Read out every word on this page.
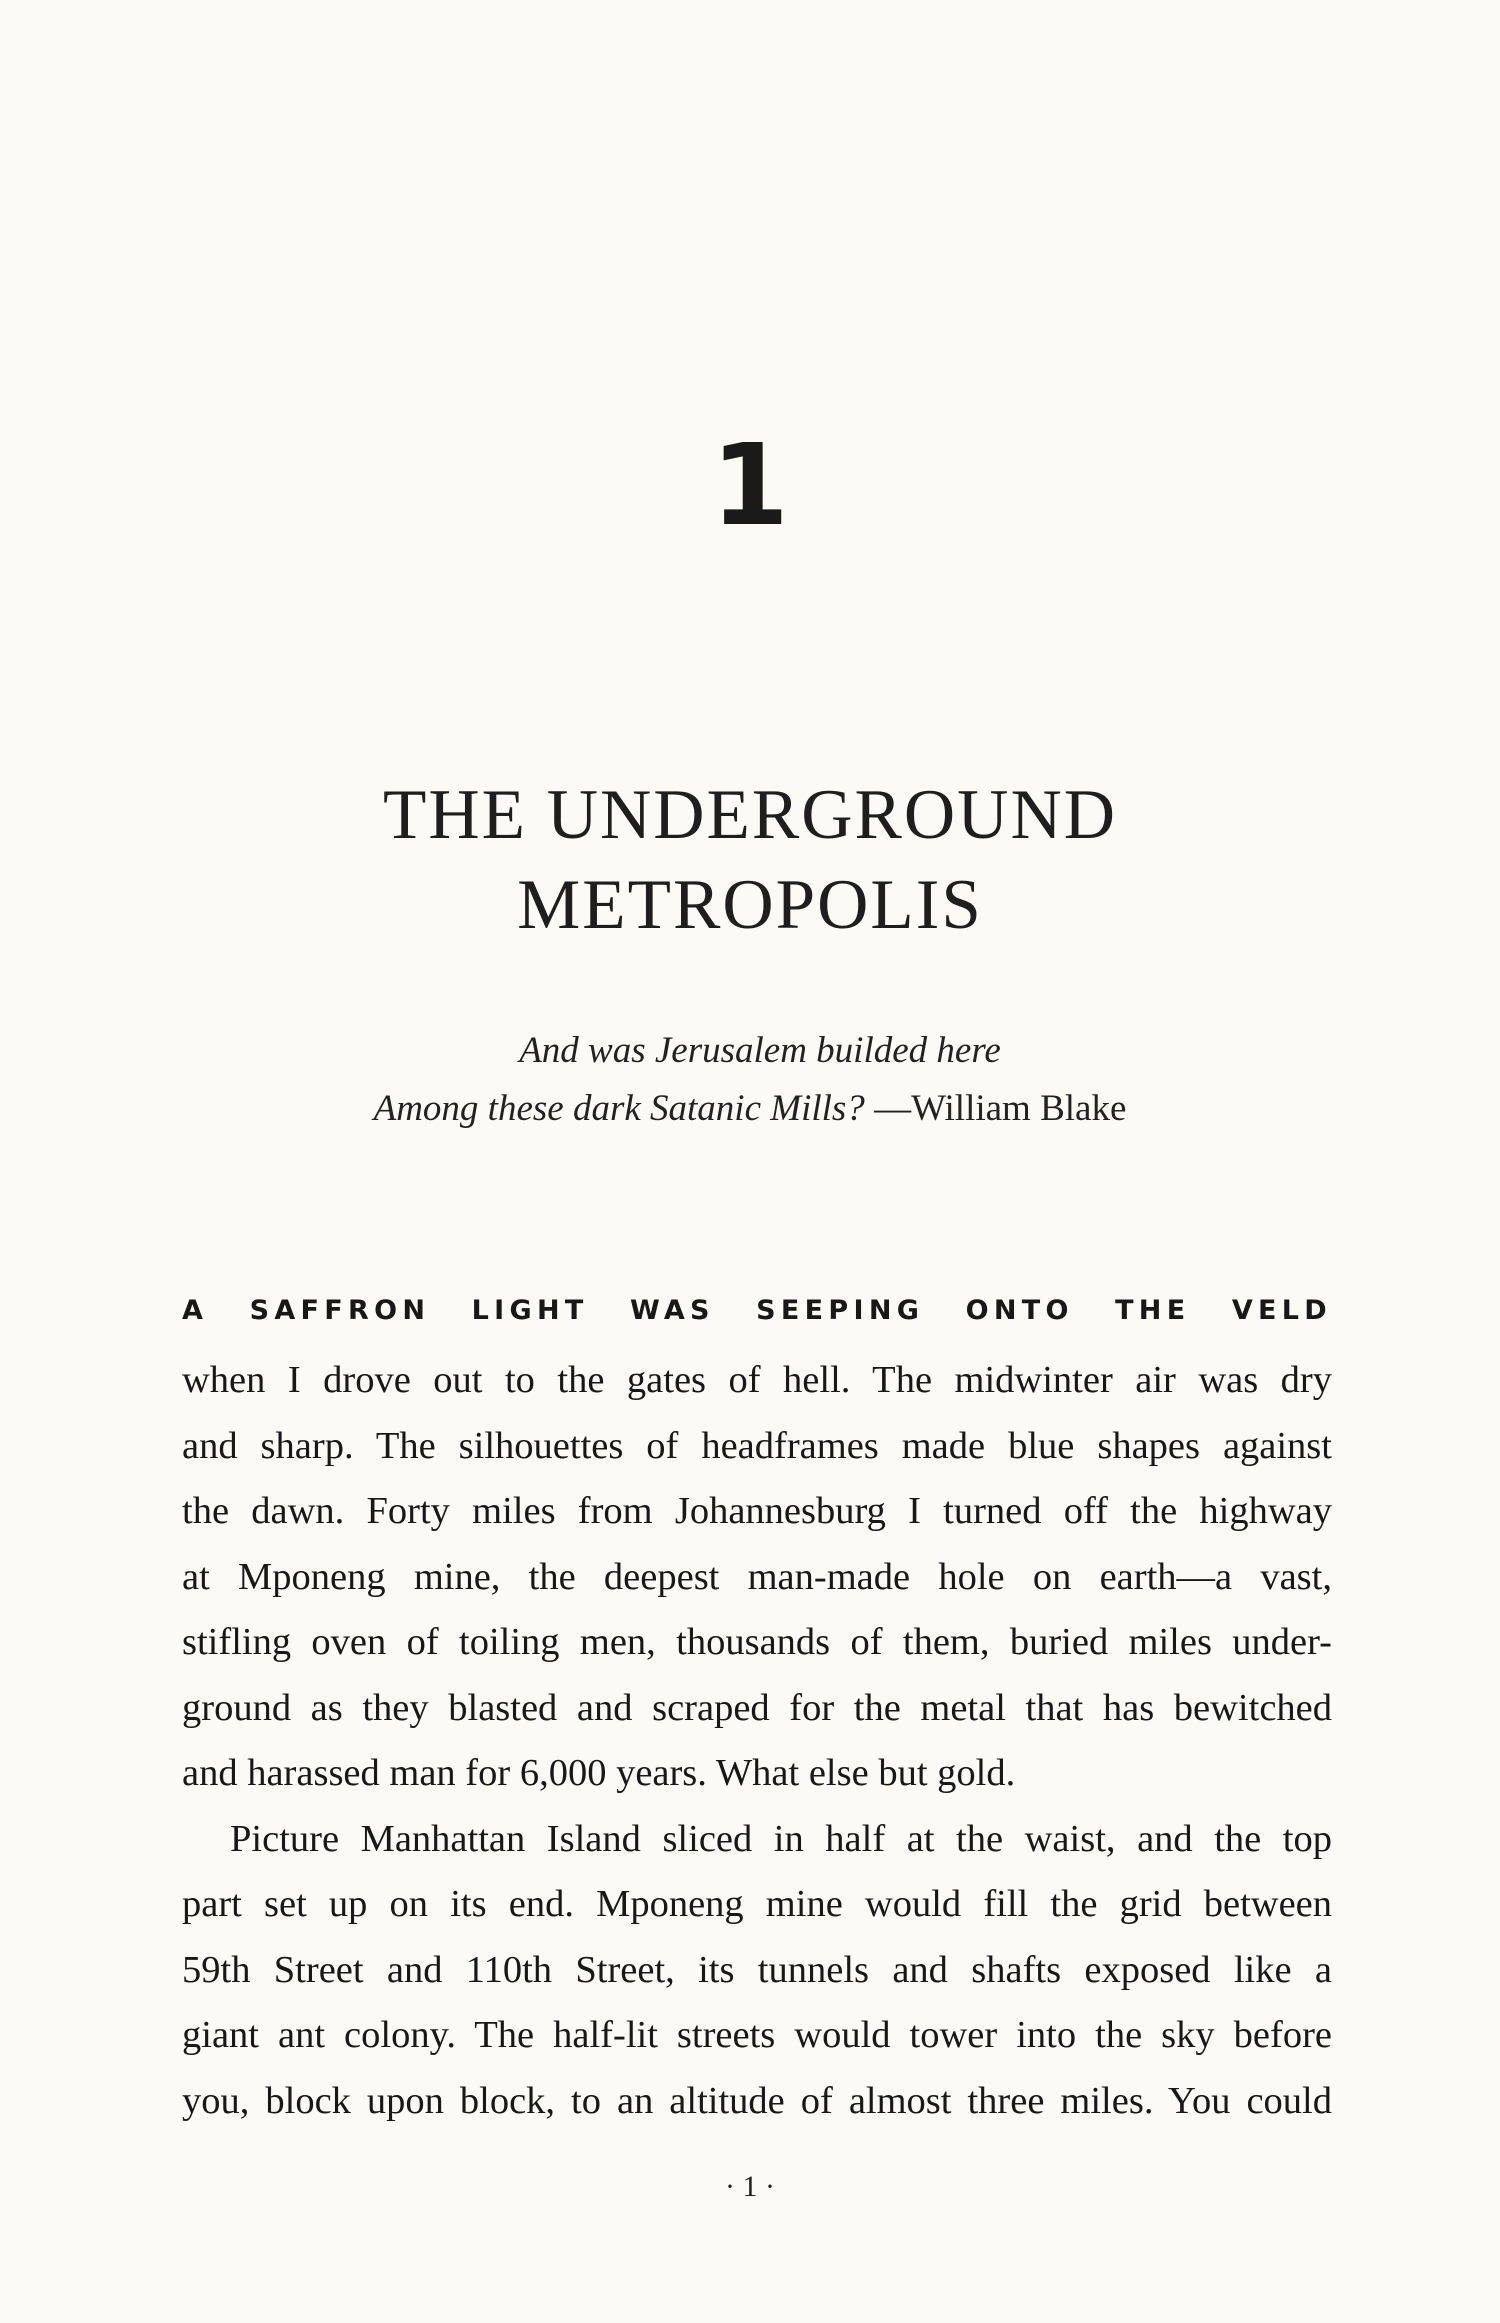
1
THE UNDERGROUND
METROPOLIS
And was Jerusalem builded here
Among these dark Satanic Mills? —William Blake
A SAFFRON LIGHT WAS SEEPING ONTO THE VELD
when I drove out to the gates of hell. The midwinter air was dry
and sharp. The silhouettes of headframes made blue shapes against
the dawn. Forty miles from Johannesburg I turned off the highway
at Mponeng mine, the deepest man-made hole on earth—a vast,
stifling oven of toiling men, thousands of them, buried miles under-
ground as they blasted and scraped for the metal that has bewitched
and harassed man for 6,000 years. What else but gold.
Picture Manhattan Island sliced in half at the waist, and the top
part set up on its end. Mponeng mine would fill the grid between
59th Street and 110th Street, its tunnels and shafts exposed like a
giant ant colony. The half-lit streets would tower into the sky before
you, block upon block, to an altitude of almost three miles. You could
· 1 ·
